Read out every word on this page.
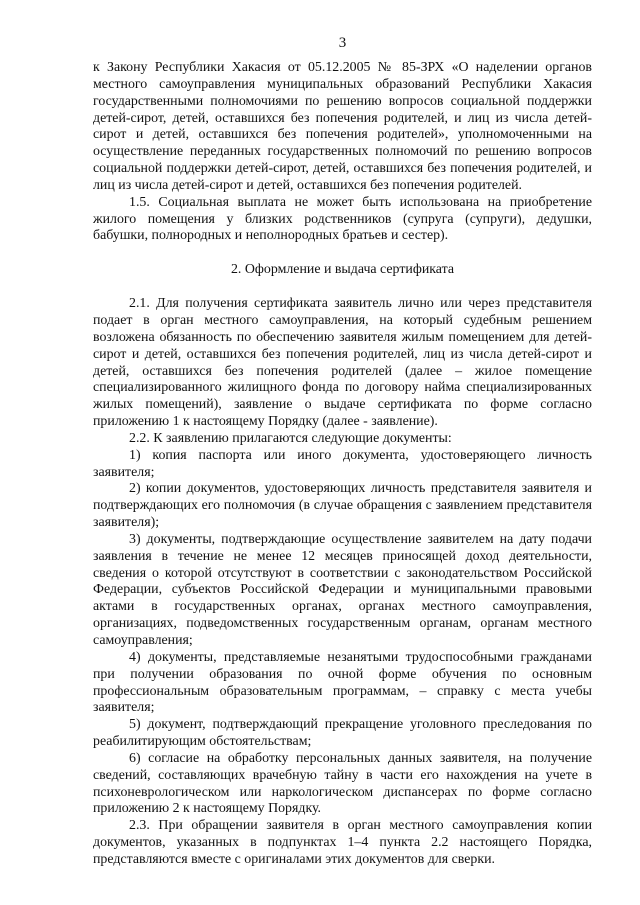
3

к Закону Республики Хакасия от 05.12.2005 № 85-ЗРХ «О наделении органов местного самоуправления муниципальных образований Республики Хакасия государственными полномочиями по решению вопросов социальной поддержки детей-сирот, детей, оставшихся без попечения родителей, и лиц из числа детей-сирот и детей, оставшихся без попечения родителей», уполномоченными на осуществление переданных государственных полномочий по решению вопросов социальной поддержки детей-сирот, детей, оставшихся без попечения родителей, и лиц из числа детей-сирот и детей, оставшихся без попечения родителей.

1.5. Социальная выплата не может быть использована на приобретение жилого помещения у близких родственников (супруга (супруги), дедушки, бабушки, полнородных и неполнородных братьев и сестер).

2. Оформление и выдача сертификата

2.1. Для получения сертификата заявитель лично или через представителя подает в орган местного самоуправления, на который судебным решением возложена обязанность по обеспечению заявителя жилым помещением для детей-сирот и детей, оставшихся без попечения родителей, лиц из числа детей-сирот и детей, оставшихся без попечения родителей (далее – жилое помещение специализированного жилищного фонда по договору найма специализированных жилых помещений), заявление о выдаче сертификата по форме согласно приложению 1 к настоящему Порядку (далее - заявление).

2.2. К заявлению прилагаются следующие документы:

1) копия паспорта или иного документа, удостоверяющего личность заявителя;

2) копии документов, удостоверяющих личность представителя заявителя и подтверждающих его полномочия (в случае обращения с заявлением представителя заявителя);

3) документы, подтверждающие осуществление заявителем на дату подачи заявления в течение не менее 12 месяцев приносящей доход деятельности, сведения о которой отсутствуют в соответствии с законодательством Российской Федерации, субъектов Российской Федерации и муниципальными правовыми актами в государственных органах, органах местного самоуправления, организациях, подведомственных государственным органам, органам местного самоуправления;

4) документы, представляемые незанятыми трудоспособными гражданами при получении образования по очной форме обучения по основным профессиональным образовательным программам, – справку с места учебы заявителя;

5) документ, подтверждающий прекращение уголовного преследования по реабилитирующим обстоятельствам;

6) согласие на обработку персональных данных заявителя, на получение сведений, составляющих врачебную тайну в части его нахождения на учете в психоневрологическом или наркологическом диспансерах по форме согласно приложению 2 к настоящему Порядку.

2.3. При обращении заявителя в орган местного самоуправления копии документов, указанных в подпунктах 1–4 пункта 2.2 настоящего Порядка, представляются вместе с оригиналами этих документов для сверки.
